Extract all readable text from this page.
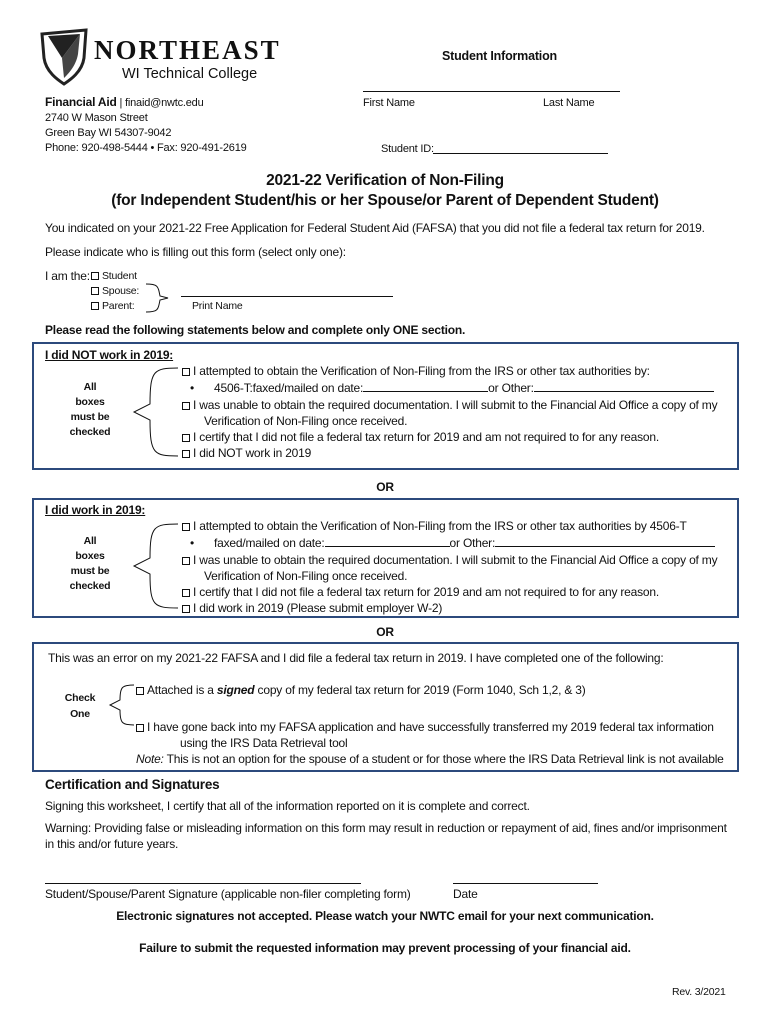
NORTHEAST
WI Technical College
Financial Aid | finaid@nwtc.edu
2740 W Mason Street
Green Bay WI 54307-9042
Phone: 920-498-5444 • Fax: 920-491-2619
Student Information
First Name	Last Name
Student ID:
2021-22 Verification of Non-Filing
(for Independent Student/his or her Spouse/or Parent of Dependent Student)
You indicated on your 2021-22 Free Application for Federal Student Aid (FAFSA) that you did not file a federal tax return for 2019.
Please indicate who is filling out this form (select only one):
I am the:	Student
Spouse:
Parent:	Print Name
Please read the following statements below and complete only ONE section.
I did NOT work in 2019:
All
boxes
must be
checked
I attempted to obtain the Verification of Non-Filing from the IRS or other tax authorities by:
• 4506-T:faxed/mailed on date:	or Other:
I was unable to obtain the required documentation. I will submit to the Financial Aid Office a copy of my
Verification of Non-Filing once received.
I certify that I did not file a federal tax return for 2019 and am not required to for any reason.
I did NOT work in 2019
OR
I did work in 2019:
All
boxes
must be
checked
I attempted to obtain the Verification of Non-Filing from the IRS or other tax authorities by 4506-T
• faxed/mailed on date:	or Other:
I was unable to obtain the required documentation. I will submit to the Financial Aid Office a copy of my
Verification of Non-Filing once received.
I certify that I did not file a federal tax return for 2019 and am not required to for any reason.
I did work in 2019 (Please submit employer W-2)
OR
This was an error on my 2021-22 FAFSA and I did file a federal tax return in 2019. I have completed one of the following:
Check
One
Attached is a signed copy of my federal tax return for 2019 (Form 1040, Sch 1,2, & 3)
I have gone back into my FAFSA application and have successfully transferred my 2019 federal tax information
using the IRS Data Retrieval tool
Note: This is not an option for the spouse of a student or for those where the IRS Data Retrieval link is not available
Certification and Signatures
Signing this worksheet, I certify that all of the information reported on it is complete and correct.
Warning: Providing false or misleading information on this form may result in reduction or repayment of aid, fines and/or imprisonment
in this and/or future years.
Student/Spouse/Parent Signature (applicable non-filer completing form)	Date
Electronic signatures not accepted. Please watch your NWTC email for your next communication.
Failure to submit the requested information may prevent processing of your financial aid.
Rev. 3/2021
